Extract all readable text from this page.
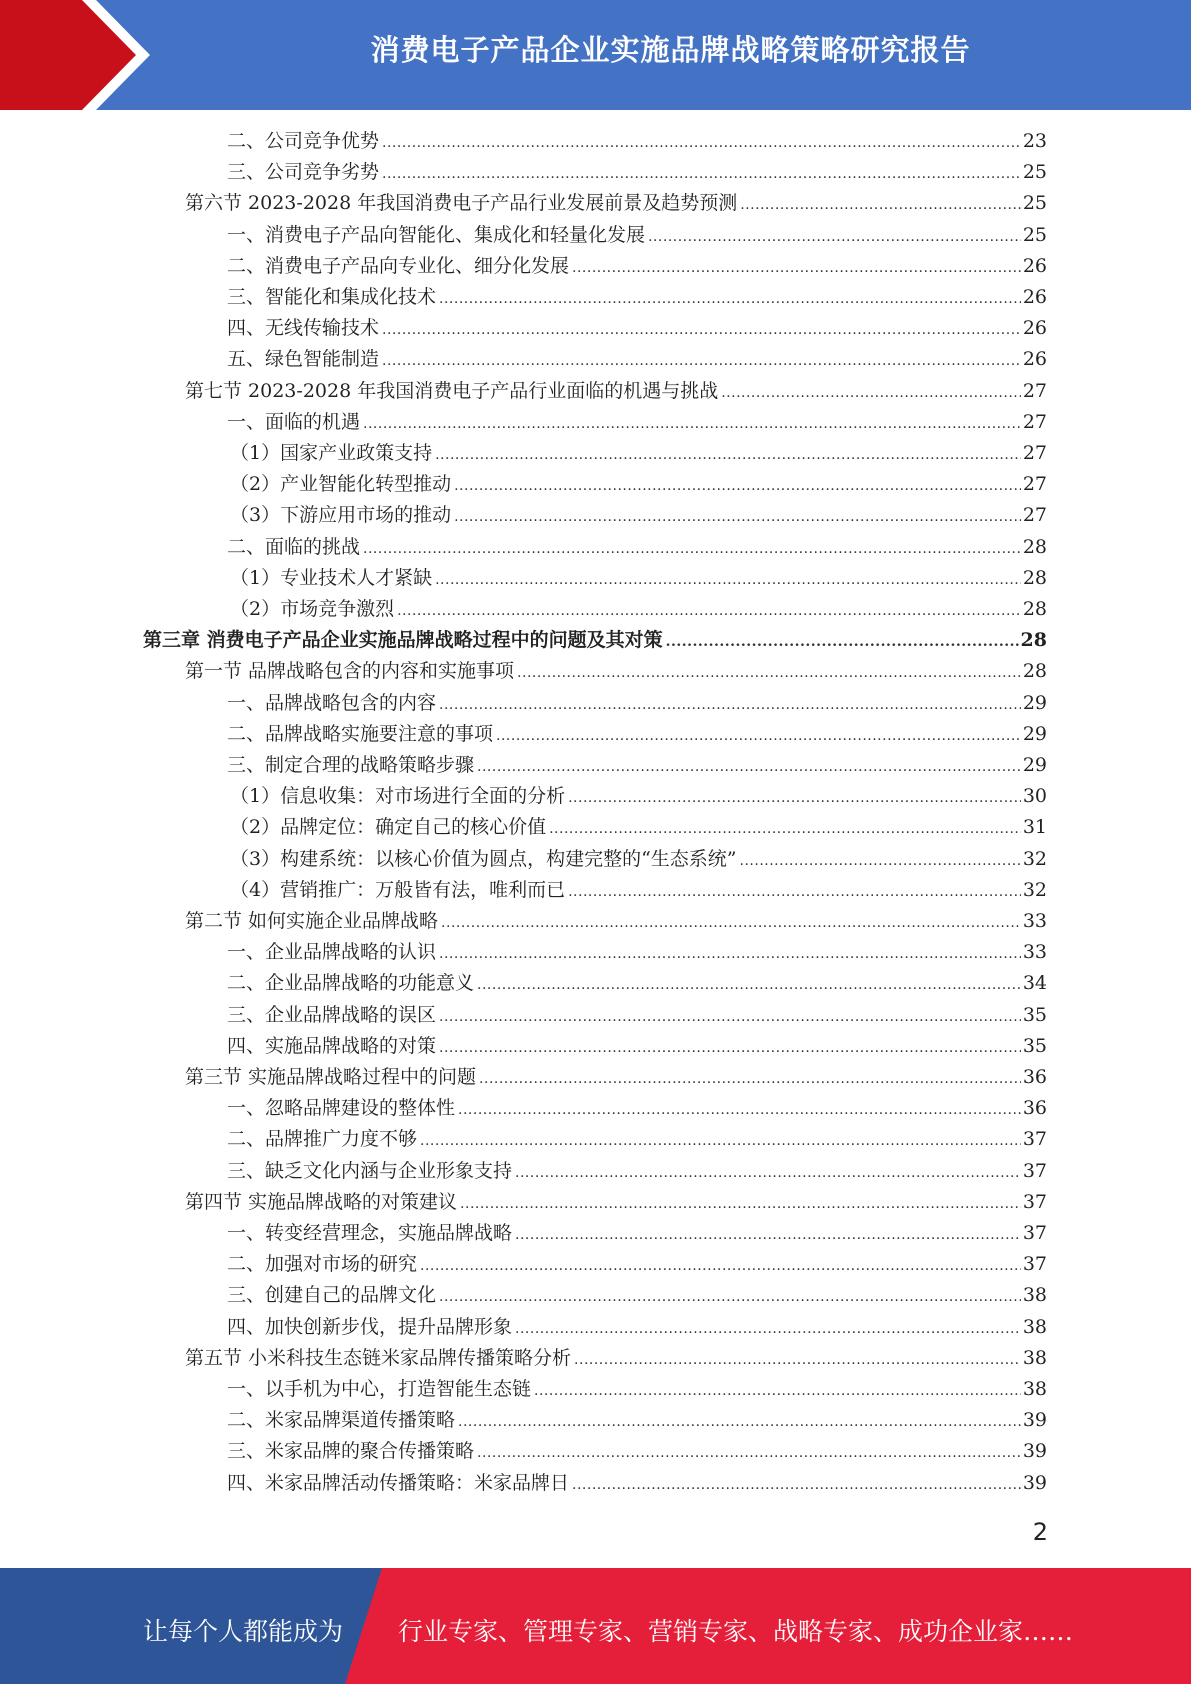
消费电子产品企业实施品牌战略策略研究报告
二、公司竞争优势 .....	23
三、公司竞争劣势 .....	25
第六节 2023-2028 年我国消费电子产品行业发展前景及趋势预测 .....	25
一、消费电子产品向智能化、集成化和轻量化发展 .....	25
二、消费电子产品向专业化、细分化发展 .....	26
三、智能化和集成化技术 .....	26
四、无线传输技术 .....	26
五、绿色智能制造 .....	26
第七节 2023-2028 年我国消费电子产品行业面临的机遇与挑战 .....	27
一、面临的机遇 .....	27
（1）国家产业政策支持 .....	27
（2）产业智能化转型推动 .....	27
（3）下游应用市场的推动 .....	27
二、面临的挑战 .....	28
（1）专业技术人才紧缺 .....	28
（2）市场竞争激烈 .....	28
第三章 消费电子产品企业实施品牌战略过程中的问题及其对策 .....	28
第一节 品牌战略包含的内容和实施事项 .....	28
一、品牌战略包含的内容 .....	29
二、品牌战略实施要注意的事项 .....	29
三、制定合理的战略策略步骤 .....	29
（1）信息收集：对市场进行全面的分析 .....	30
（2）品牌定位：确定自己的核心价值 .....	31
（3）构建系统：以核心价值为圆点，构建完整的“生态系统” .....	32
（4）营销推广：万般皆有法，唯利而已 .....	32
第二节 如何实施企业品牌战略 .....	33
一、企业品牌战略的认识 .....	33
二、企业品牌战略的功能意义 .....	34
三、企业品牌战略的误区 .....	35
四、实施品牌战略的对策 .....	35
第三节 实施品牌战略过程中的问题 .....	36
一、忽略品牌建设的整体性 .....	36
二、品牌推广力度不够 .....	37
三、缺乏文化内涵与企业形象支持 .....	37
第四节 实施品牌战略的对策建议 .....	37
一、转变经营理念，实施品牌战略 .....	37
二、加强对市场的研究 .....	37
三、创建自己的品牌文化 .....	38
四、加快创新步伐，提升品牌形象 .....	38
第五节 小米科技生态链米家品牌传播策略分析 .....	38
一、以手机为中心，打造智能生态链 .....	38
二、米家品牌渠道传播策略 .....	39
三、米家品牌的聚合传播策略 .....	39
四、米家品牌活动传播策略：米家品牌日 .....	39
2
让每个人都能成为 行业专家、管理专家、营销专家、战略专家、成功企业家……
